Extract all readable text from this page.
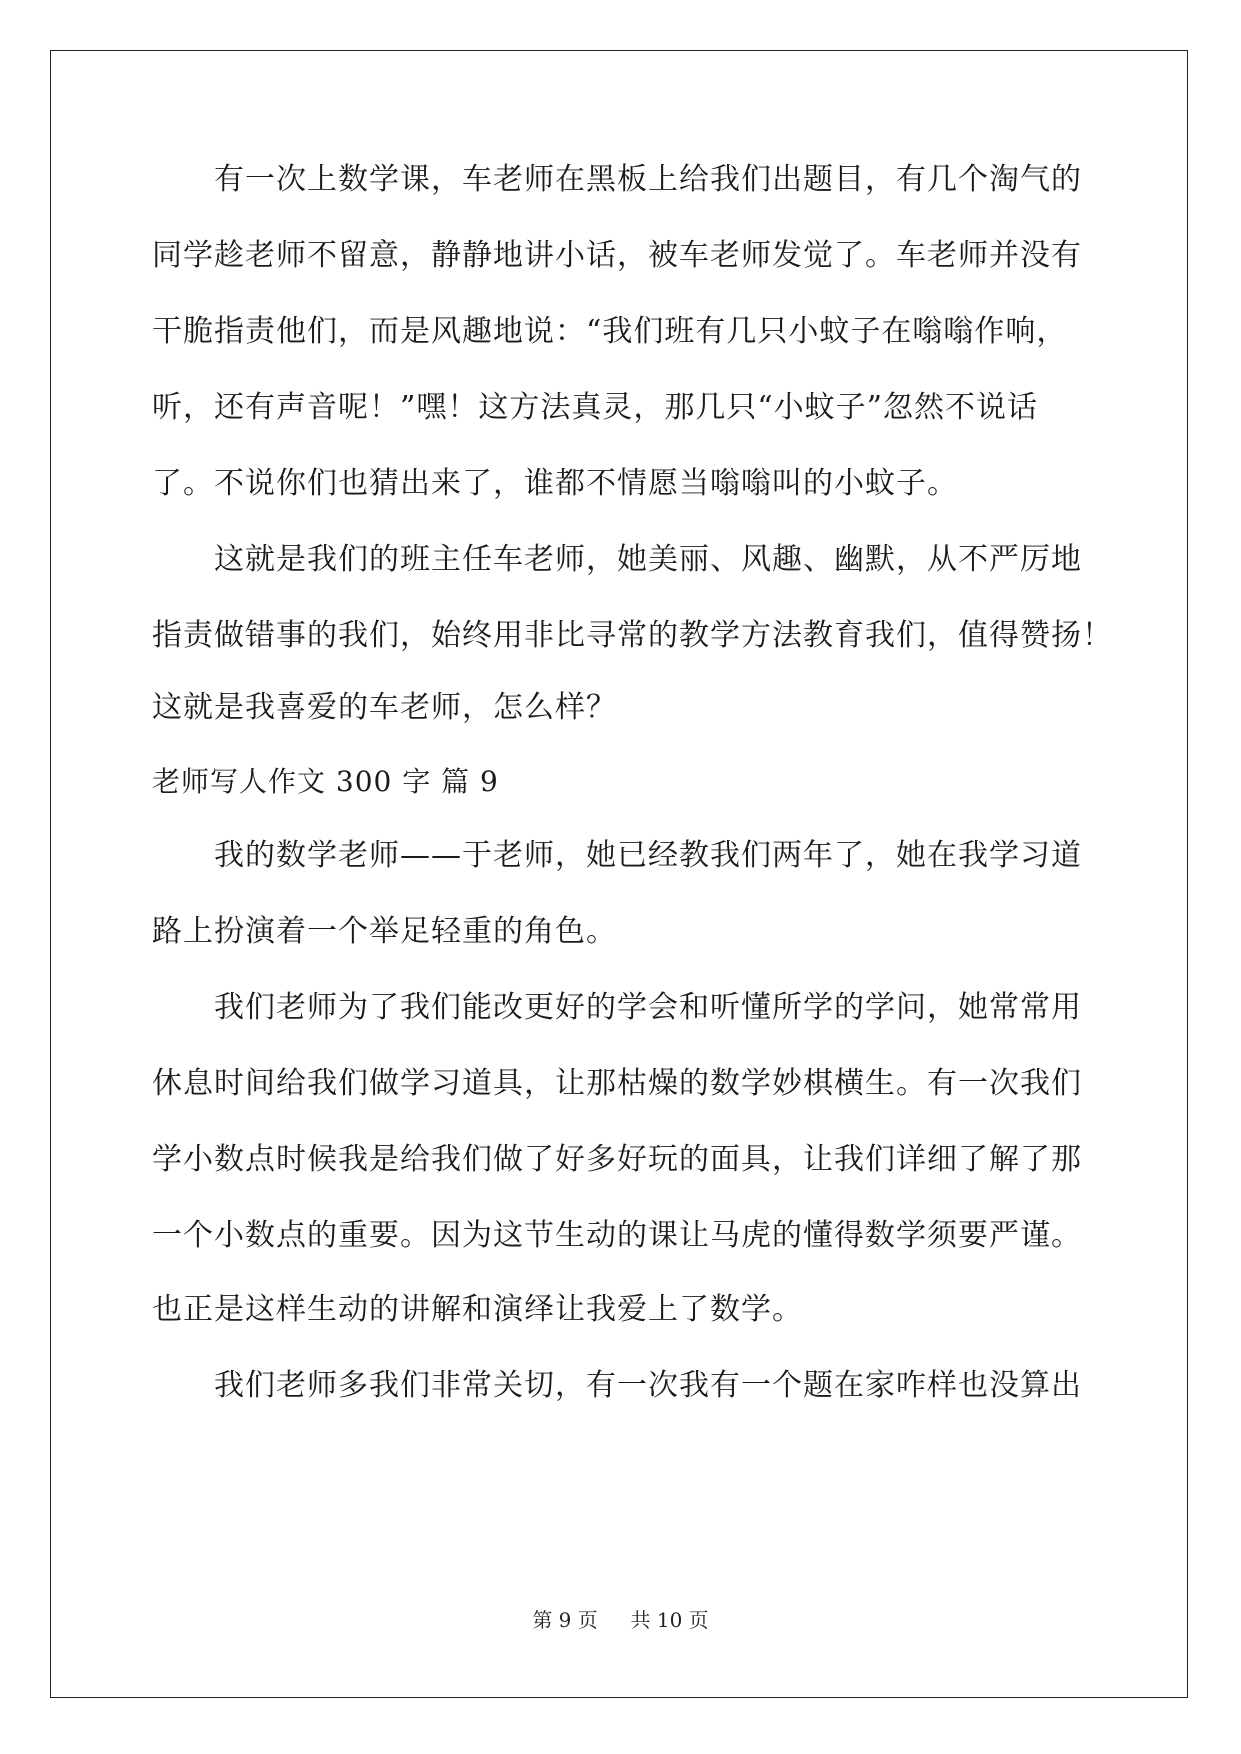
有一次上数学课，车老师在黑板上给我们出题目，有几个淘气的
同学趁老师不留意，静静地讲小话，被车老师发觉了。车老师并没有
干脆指责他们，而是风趣地说：“我们班有几只小蚊子在嗡嗡作响，
听，还有声音呢！”嘿！这方法真灵，那几只“小蚊子”忽然不说话
了。不说你们也猜出来了，谁都不情愿当嗡嗡叫的小蚊子。
这就是我们的班主任车老师，她美丽、风趣、幽默，从不严厉地
指责做错事的我们，始终用非比寻常的教学方法教育我们，值得赞扬！
这就是我喜爱的车老师，怎么样？
老师写人作文 300 字 篇 9
我的数学老师——于老师，她已经教我们两年了，她在我学习道
路上扮演着一个举足轻重的角色。
我们老师为了我们能改更好的学会和听懂所学的学问，她常常用
休息时间给我们做学习道具，让那枯燥的数学妙棋横生。有一次我们
学小数点时候我是给我们做了好多好玩的面具，让我们详细了解了那
一个小数点的重要。因为这节生动的课让马虎的懂得数学须要严谨。
也正是这样生动的讲解和演绎让我爱上了数学。
我们老师多我们非常关切，有一次我有一个题在家咋样也没算出
第 9 页 共 10 页
